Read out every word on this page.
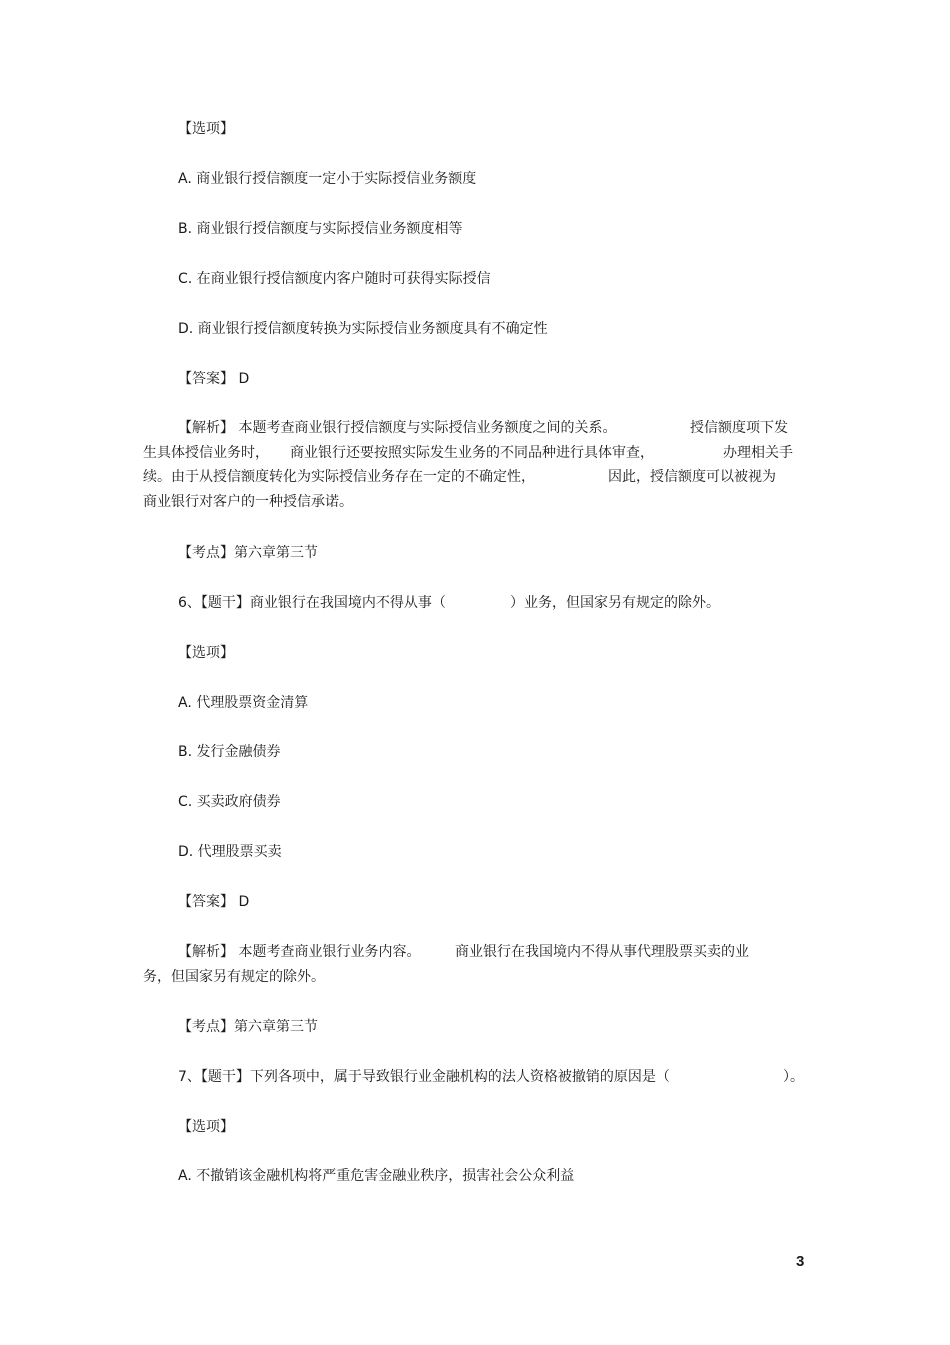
【选项】
A. 商业银行授信额度一定小于实际授信业务额度
B. 商业银行授信额度与实际授信业务额度相等
C. 在商业银行授信额度内客户随时可获得实际授信
D. 商业银行授信额度转换为实际授信业务额度具有不确定性
【答案】 D
【解析】 本题考查商业银行授信额度与实际授信业务额度之间的关系。	授信额度项下发
生具体授信业务时， 商业银行还要按照实际发生业务的不同品种进行具体审查，	办理相关手
续。由于从授信额度转化为实际授信业务存在一定的不确定性，	因此，授信额度可以被视为
商业银行对客户的一种授信承诺。
【考点】第六章第三节
6、【题干】商业银行在我国境内不得从事（	）业务，但国家另有规定的除外。
【选项】
A. 代理股票资金清算
B. 发行金融债券
C. 买卖政府债券
D. 代理股票买卖
【答案】 D
【解析】 本题考查商业银行业务内容。 商业银行在我国境内不得从事代理股票买卖的业
务，但国家另有规定的除外。
【考点】第六章第三节
7、【题干】下列各项中，属于导致银行业金融机构的法人资格被撤销的原因是（	）。
【选项】
A. 不撤销该金融机构将严重危害金融业秩序，损害社会公众利益
3
